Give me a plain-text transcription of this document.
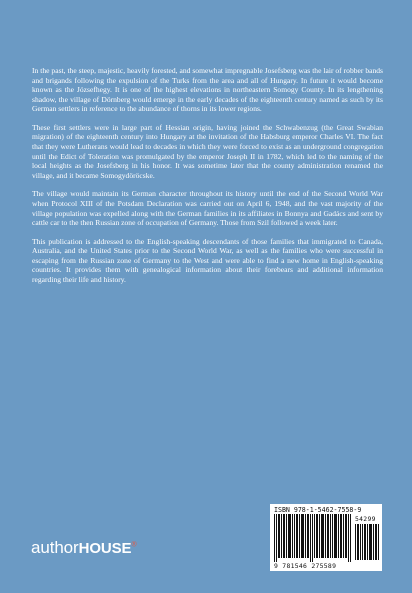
In the past, the steep, majestic, heavily forested, and somewhat impregnable Josefsberg was the lair of robber bands and brigands following the expulsion of the Turks from the area and all of Hungary. In future it would become known as the Józsefhegy. It is one of the highest elevations in northeastern Somogy County. In its lengthening shadow, the village of Dörnberg would emerge in the early decades of the eighteenth century named as such by its German settlers in reference to the abundance of thorns in its lower regions.

These first settlers were in large part of Hessian origin, having joined the Schwabenzug (the Great Swabian migration) of the eighteenth century into Hungary at the invitation of the Habsburg emperor Charles VI. The fact that they were Lutherans would lead to decades in which they were forced to exist as an underground congregation until the Edict of Toleration was promulgated by the emperor Joseph II in 1782, which led to the naming of the local heights as the Josefsberg in his honor. It was sometime later that the county administration renamed the village, and it became Somogydöröcske.

The village would maintain its German character throughout its history until the end of the Second World War when Protocol XIII of the Potsdam Declaration was carried out on April 6, 1948, and the vast majority of the village population was expelled along with the German families in its affiliates in Bonnya and Gadács and sent by cattle car to the then Russian zone of occupation of Germany. Those from Szil followed a week later.

This publication is addressed to the English-speaking descendants of those families that immigrated to Canada, Australia, and the United States prior to the Second World War, as well as the families who were successful in escaping from the Russian zone of Germany to the West and were able to find a new home in English-speaking countries. It provides them with genealogical information about their forebears and additional information regarding their life and history.

ISBN 978-1-5462-7558-9
54299
9 781546 275589
authorHOUSE®
